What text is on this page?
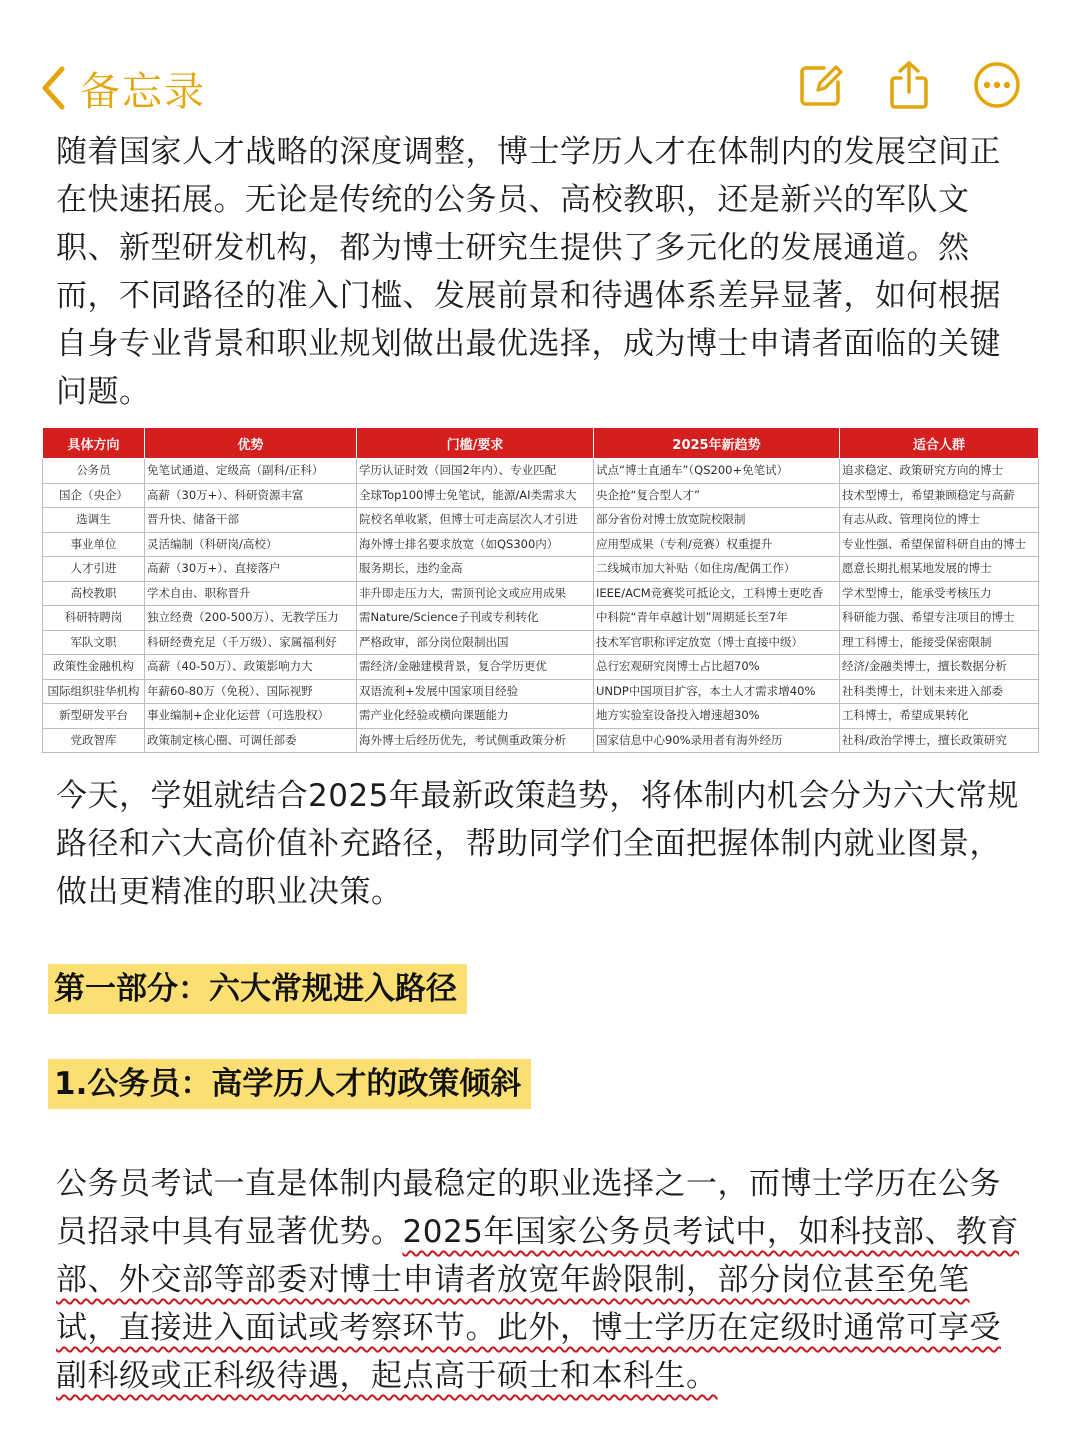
备忘录

随着国家人才战略的深度调整，博士学历人才在体制内的发展空间正在快速拓展。无论是传统的公务员、高校教职，还是新兴的军队文职、新型研发机构，都为博士研究生提供了多元化的发展通道。然而，不同路径的准入门槛、发展前景和待遇体系差异显著，如何根据自身专业背景和职业规划做出最优选择，成为博士申请者面临的关键问题。

具体方向	优势	门槛/要求	2025年新趋势	适合人群
公务员	免笔试通道、定级高（副科/正科）	学历认证时效（回国2年内）、专业匹配	试点“博士直通车”（QS200+免笔试）	追求稳定、政策研究方向的博士
国企（央企）	高薪（30万+）、科研资源丰富	全球Top100博士免笔试，能源/AI类需求大	央企抢“复合型人才”	技术型博士，希望兼顾稳定与高薪
选调生	晋升快、储备干部	院校名单收紧，但博士可走高层次人才引进	部分省份对博士放宽院校限制	有志从政、管理岗位的博士
事业单位	灵活编制（科研岗/高校）	海外博士排名要求放宽（如QS300内）	应用型成果（专利/竞赛）权重提升	专业性强、希望保留科研自由的博士
人才引进	高薪（30万+）、直接落户	服务期长，违约金高	二线城市加大补贴（如住房/配偶工作）	愿意长期扎根某地发展的博士
高校教职	学术自由、职称晋升	非升即走压力大，需顶刊论文或应用成果	IEEE/ACM竞赛奖可抵论文，工科博士更吃香	学术型博士，能承受考核压力
科研特聘岗	独立经费（200-500万）、无教学压力	需Nature/Science子刊或专利转化	中科院“青年卓越计划”周期延长至7年	科研能力强、希望专注项目的博士
军队文职	科研经费充足（千万级）、家属福利好	严格政审，部分岗位限制出国	技术军官职称评定放宽（博士直接中级）	理工科博士，能接受保密限制
政策性金融机构	高薪（40-50万）、政策影响力大	需经济/金融建模背景，复合学历更优	总行宏观研究岗博士占比超70%	经济/金融类博士，擅长数据分析
国际组织驻华机构	年薪60-80万（免税）、国际视野	双语流利+发展中国家项目经验	UNDP中国项目扩容，本土人才需求增40%	社科类博士，计划未来进入部委
新型研发平台	事业编制+企业化运营（可选股权）	需产业化经验或横向课题能力	地方实验室设备投入增速超30%	工科博士，希望成果转化
党政智库	政策制定核心圈、可调任部委	海外博士后经历优先，考试侧重政策分析	国家信息中心90%录用者有海外经历	社科/政治学博士，擅长政策研究

今天，学姐就结合2025年最新政策趋势，将体制内机会分为六大常规路径和六大高价值补充路径，帮助同学们全面把握体制内就业图景，做出更精准的职业决策。

第一部分：六大常规进入路径
1.公务员：高学历人才的政策倾斜

公务员考试一直是体制内最稳定的职业选择之一，而博士学历在公务员招录中具有显著优势。2025年国家公务员考试中，如科技部、教育部、外交部等部委对博士申请者放宽年龄限制，部分岗位甚至免笔试，直接进入面试或考察环节。此外，博士学历在定级时通常可享受副科级或正科级待遇，起点高于硕士和本科生。
